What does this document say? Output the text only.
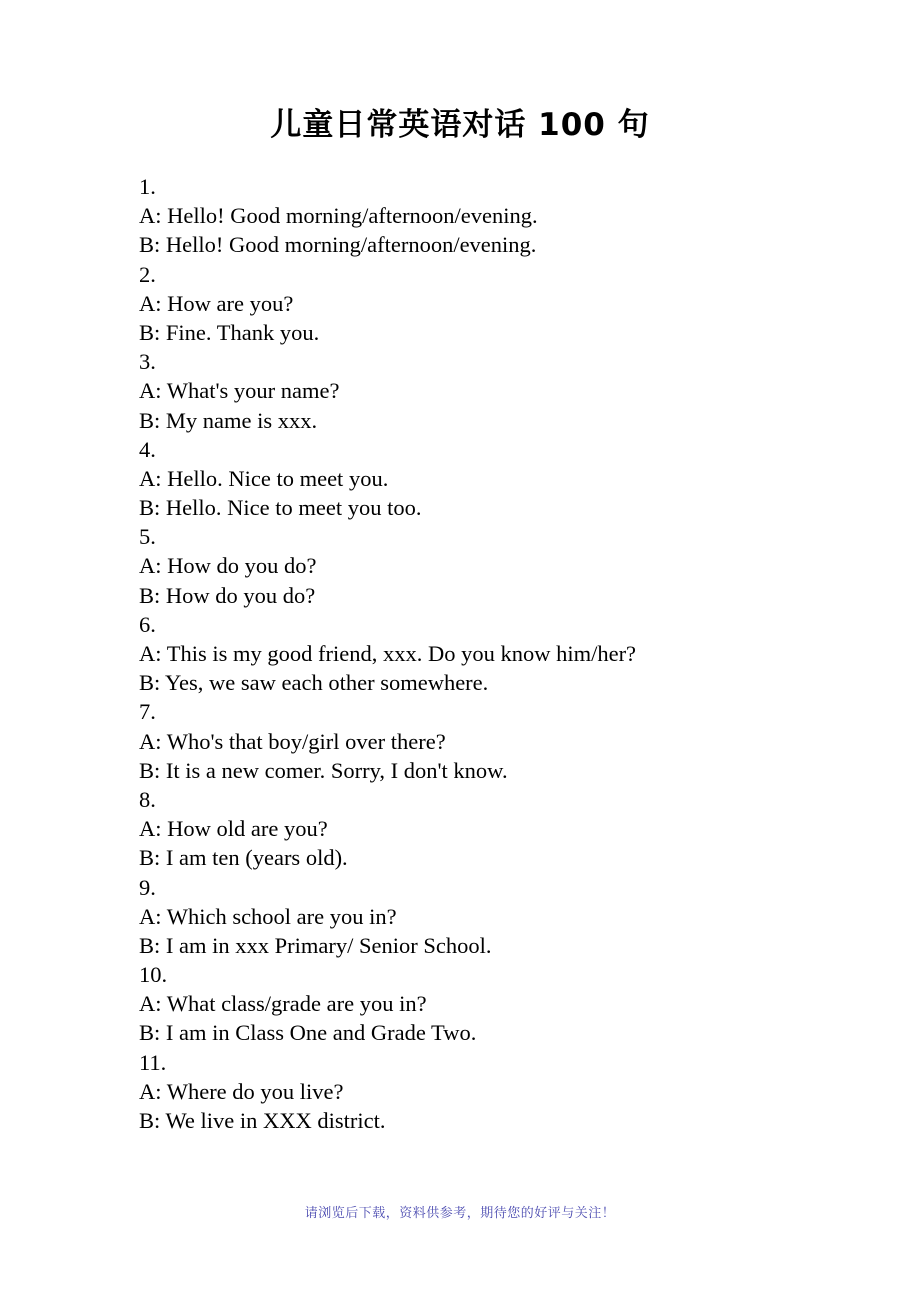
儿童日常英语对话 100 句
1.
A: Hello! Good morning/afternoon/evening.
B: Hello! Good morning/afternoon/evening.
2.
A: How are you?
B: Fine. Thank you.
3.
A: What's your name?
B: My name is xxx.
4.
A: Hello. Nice to meet you.
B: Hello. Nice to meet you too.
5.
A: How do you do?
B: How do you do?
6.
A: This is my good friend, xxx. Do you know him/her?
B: Yes, we saw each other somewhere.
7.
A: Who's that boy/girl over there?
B: It is a new comer. Sorry, I don't know.
8.
A: How old are you?
B: I am ten (years old).
9.
A: Which school are you in?
B: I am in xxx Primary/ Senior School.
10.
A: What class/grade are you in?
B: I am in Class One and Grade Two.
11.
A: Where do you live?
B: We live in XXX district.
请浏览后下载，资料供参考，期待您的好评与关注！
